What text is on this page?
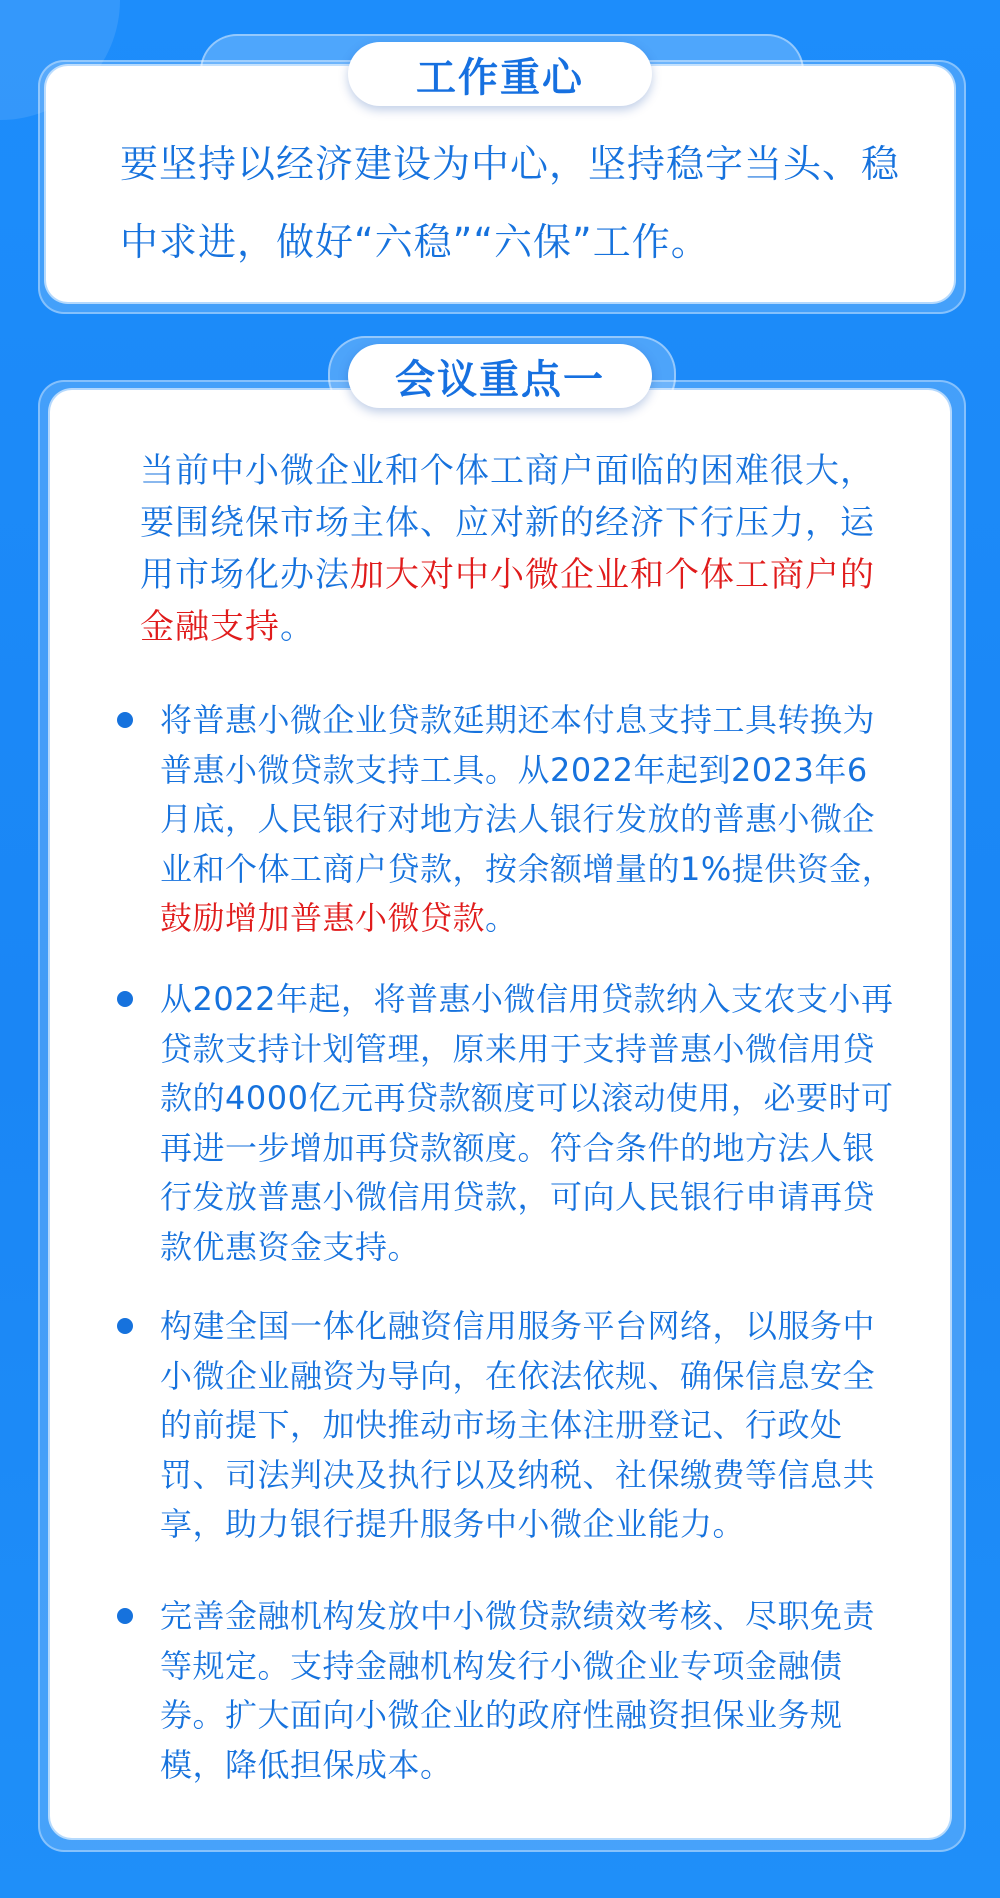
工作重心
要坚持以经济建设为中心，坚持稳字当头、稳中求进，做好“六稳”“六保”工作。
会议重点一
当前中小微企业和个体工商户面临的困难很大，要围绕保市场主体、应对新的经济下行压力，运用市场化办法加大对中小微企业和个体工商户的金融支持。
将普惠小微企业贷款延期还本付息支持工具转换为普惠小微贷款支持工具。从2022年起到2023年6月底，人民银行对地方法人银行发放的普惠小微企业和个体工商户贷款，按余额增量的1%提供资金，鼓励增加普惠小微贷款。
从2022年起，将普惠小微信用贷款纳入支农支小再贷款支持计划管理，原来用于支持普惠小微信用贷款的4000亿元再贷款额度可以滚动使用，必要时可再进一步增加再贷款额度。符合条件的地方法人银行发放普惠小微信用贷款，可向人民银行申请再贷款优惠资金支持。
构建全国一体化融资信用服务平台网络，以服务中小微企业融资为导向，在依法依规、确保信息安全的前提下，加快推动市场主体注册登记、行政处罚、司法判决及执行以及纳税、社保缴费等信息共享，助力银行提升服务中小微企业能力。
完善金融机构发放中小微贷款绩效考核、尽职免责等规定。支持金融机构发行小微企业专项金融债券。扩大面向小微企业的政府性融资担保业务规模，降低担保成本。
